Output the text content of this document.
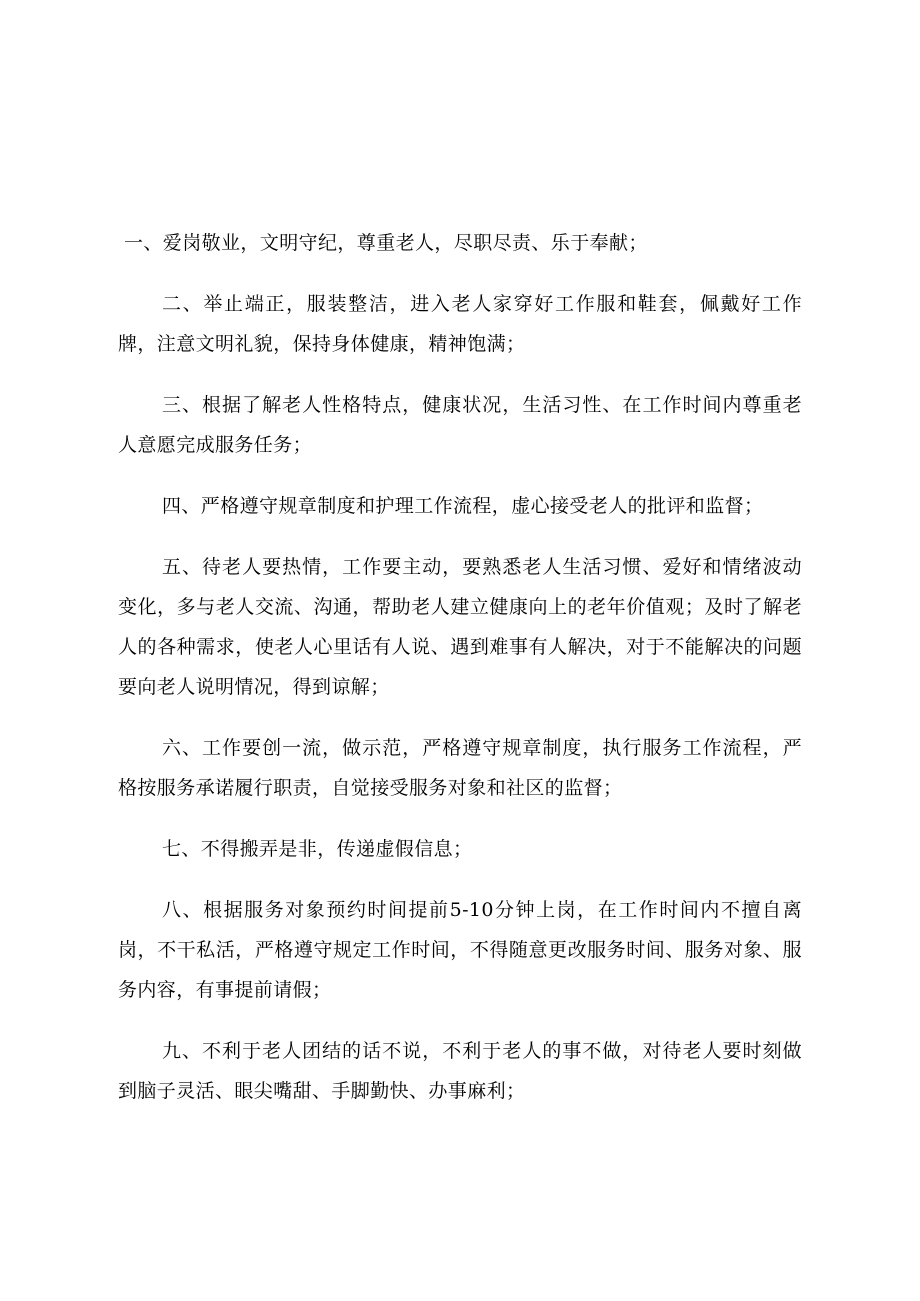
一、爱岗敬业，文明守纪，尊重老人，尽职尽责、乐于奉献；

二、举止端正，服装整洁，进入老人家穿好工作服和鞋套，佩戴好工作牌，注意文明礼貌，保持身体健康，精神饱满；

三、根据了解老人性格特点，健康状况，生活习性、在工作时间内尊重老人意愿完成服务任务；

四、严格遵守规章制度和护理工作流程，虚心接受老人的批评和监督；

五、待老人要热情，工作要主动，要熟悉老人生活习惯、爱好和情绪波动变化，多与老人交流、沟通，帮助老人建立健康向上的老年价值观；及时了解老人的各种需求，使老人心里话有人说、遇到难事有人解决，对于不能解决的问题要向老人说明情况，得到谅解；

六、工作要创一流，做示范，严格遵守规章制度，执行服务工作流程，严格按服务承诺履行职责，自觉接受服务对象和社区的监督；

七、不得搬弄是非，传递虚假信息；

八、根据服务对象预约时间提前5-10分钟上岗，在工作时间内不擅自离岗，不干私活，严格遵守规定工作时间，不得随意更改服务时间、服务对象、服务内容，有事提前请假；

九、不利于老人团结的话不说，不利于老人的事不做，对待老人要时刻做到脑子灵活、眼尖嘴甜、手脚勤快、办事麻利；
